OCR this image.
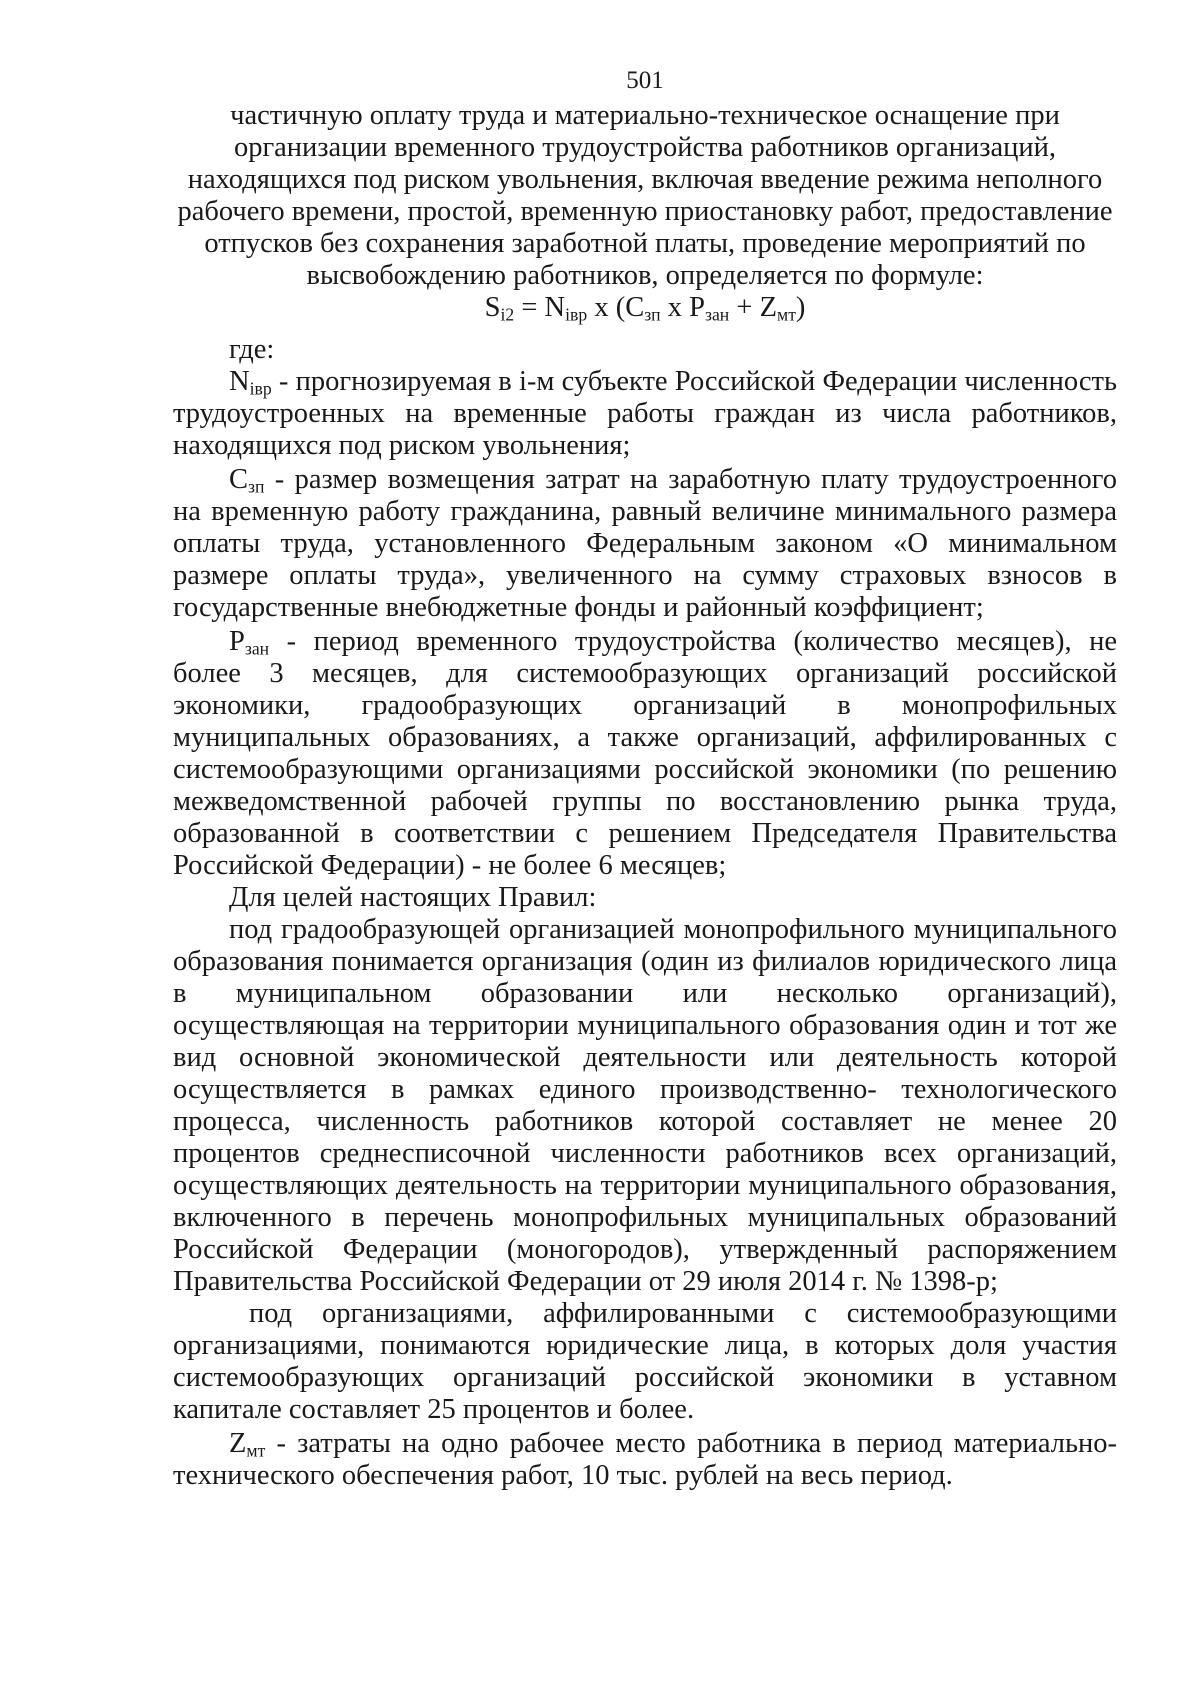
501

частичную оплату труда и материально-техническое оснащение при организации временного трудоустройства работников организаций, находящихся под риском увольнения, включая введение режима неполного рабочего времени, простой, временную приостановку работ, предоставление отпусков без сохранения заработной платы, проведение мероприятий по высвобождению работников, определяется по формуле:

$S_{i2} = N_{iвр}$ х ($С_{зп}$ х $Р_{зан} + Z_{мт}$)

где:

$N_{iвр}$ - прогнозируемая в i-м субъекте Российской Федерации численность трудоустроенных на временные работы граждан из числа работников, находящихся под риском увольнения;

$С_{зп}$ - размер возмещения затрат на заработную плату трудоустроенного на временную работу гражданина, равный величине минимального размера оплаты труда, установленного Федеральным законом «О минимальном размере оплаты труда», увеличенного на сумму страховых взносов в государственные внебюджетные фонды и районный коэффициент;

$Р_{зан}$ - период временного трудоустройства (количество месяцев), не более 3 месяцев, для системообразующих организаций российской экономики, градообразующих организаций в монопрофильных муниципальных образованиях, а также организаций, аффилированных с системообразующими организациями российской экономики (по решению межведомственной рабочей группы по восстановлению рынка труда, образованной в соответствии с решением Председателя Правительства Российской Федерации) - не более 6 месяцев;

Для целей настоящих Правил:

под градообразующей организацией монопрофильного муниципального образования понимается организация (один из филиалов юридического лица в муниципальном образовании или несколько организаций), осуществляющая на территории муниципального образования один и тот же вид основной экономической деятельности или деятельность которой осуществляется в рамках единого производственно- технологического процесса, численность работников которой составляет не менее 20 процентов среднесписочной численности работников всех организаций, осуществляющих деятельность на территории муниципального образования, включенного в перечень монопрофильных муниципальных образований Российской Федерации (моногородов), утвержденный распоряжением Правительства Российской Федерации от 29 июля 2014 г. № 1398-р;

под организациями, аффилированными с системообразующими организациями, понимаются юридические лица, в которых доля участия системообразующих организаций российской экономики в уставном капитале составляет 25 процентов и более.

$Z_{мт}$ - затраты на одно рабочее место работника в период материально-технического обеспечения работ, 10 тыс. рублей на весь период.
